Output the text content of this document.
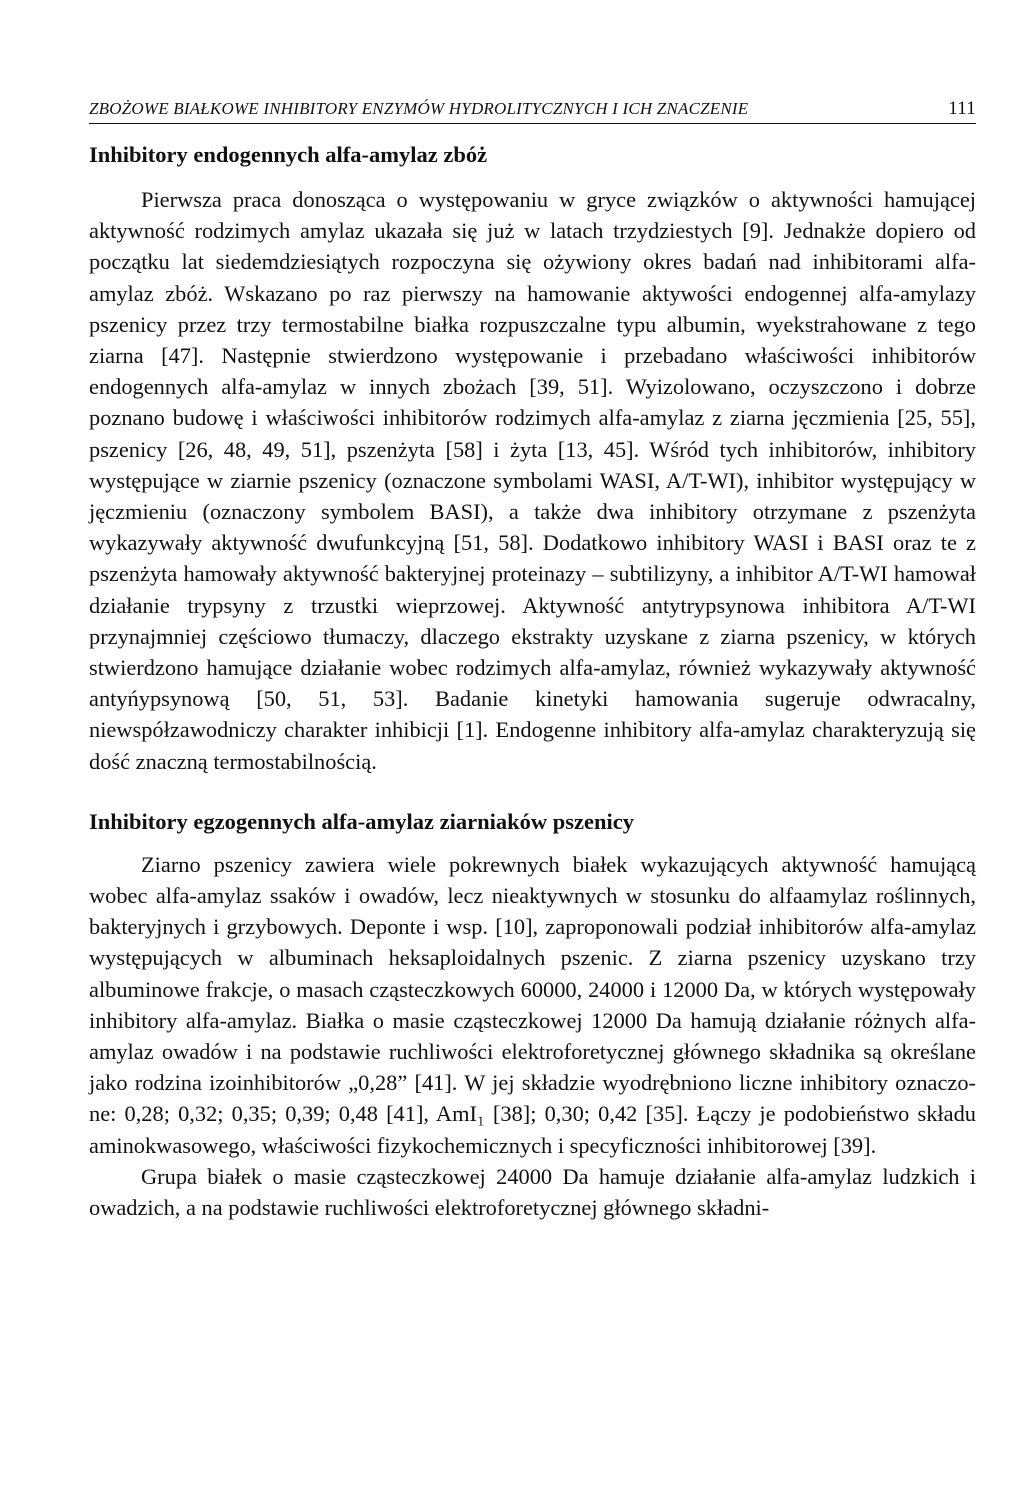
ZBOŻOWE BIAŁKOWE INHIBITORY ENZYMÓW HYDROLITYCZNYCH I ICH ZNACZENIE	111
Inhibitory endogennych alfa-amylaz zbóż

Pierwsza praca donosząca o występowaniu w gryce związków o aktywności hamującej aktywność rodzimych amylaz ukazała się już w latach trzydziestych [9]. Jednakże dopiero od początku lat siedemdziesiątych rozpoczyna się ożywiony okres badań nad inhibitorami alfa-amylaz zbóż. Wskazano po raz pierwszy na hamowanie aktywości endogennej alfa-amylazy pszenicy przez trzy termostabilne białka rozpuszczalne typu albumin, wyekstrahowane z tego ziarna [47]. Następnie stwierdzono występowanie i przebadano właściwości inhibitorów endogennych alfa-amylaz w innych zbożach [39, 51]. Wyizolowano, oczyszczono i dobrze poznano budowę i właściwości inhibitorów rodzimych alfa-amylaz z ziarna jęczmienia [25, 55], pszenicy [26, 48, 49, 51], pszenżyta [58] i żyta [13, 45]. Wśród tych inhibitorów, inhibitory występujące w ziarnie pszenicy (oznaczone symbolami WASI, A/T-WI), inhibitor występujący w jęczmieniu (oznaczony symbolem BASI), a także dwa inhibitory otrzymane z pszenżyta wykazywały aktywność dwufunkcyjną [51, 58]. Dodatkowo inhibitory WASI i BASI oraz te z pszenżyta hamowały aktywność bakteryjnej proteinazy – subtilizyny, a inhibitor A/T-WI hamował działanie trypsyny z trzustki wieprzowej. Aktywność antytrypsynowa inhibitora A/T-WI przynajmniej częściowo tłumaczy, dlaczego ekstrakty uzyskane z ziarna pszenicy, w których stwierdzono hamujące działanie wobec rodzimych alfa-amylaz, również wykazywały aktywność antyńypsynową [50, 51, 53]. Badanie kinetyki hamowania sugeruje odwracalny, niewspółzawodniczy charakter inhibicji [1]. Endogenne inhibitory alfa-amylaz charakteryzują się dość znaczną termostabilnością.

Inhibitory egzogennych alfa-amylaz ziarniaków pszenicy

Ziarno pszenicy zawiera wiele pokrewnych białek wykazujących aktywność hamującą wobec alfa-amylaz ssaków i owadów, lecz nieaktywnych w stosunku do alfaamylaz roślinnych, bakteryjnych i grzybowych. Deponte i wsp. [10], zaproponowali podział inhibitorów alfa-amylaz występujących w albuminach heksaploidalnych pszenic. Z ziarna pszenicy uzyskano trzy albuminowe frakcje, o masach cząsteczkowych 60000, 24000 i 12000 Da, w których występowały inhibitory alfa-amylaz. Białka o masie cząsteczkowej 12000 Da hamują działanie różnych alfa-amylaz owadów i na podstawie ruchliwości elektroforetycznej głównego składnika są określane jako rodzina izoinhibitorów „0,28” [41]. W jej składzie wyodrębniono liczne inhibitory oznaczone: 0,28; 0,32; 0,35; 0,39; 0,48 [41], AmI₁ [38]; 0,30; 0,42 [35]. Łączy je podobieństwo składu aminokwasowego, właściwości fizykochemicznych i specyficzności inhibitorowej [39].

Grupa białek o masie cząsteczkowej 24000 Da hamuje działanie alfa-amylaz ludzkich i owadzich, a na podstawie ruchliwości elektroforetycznej głównego składni-
